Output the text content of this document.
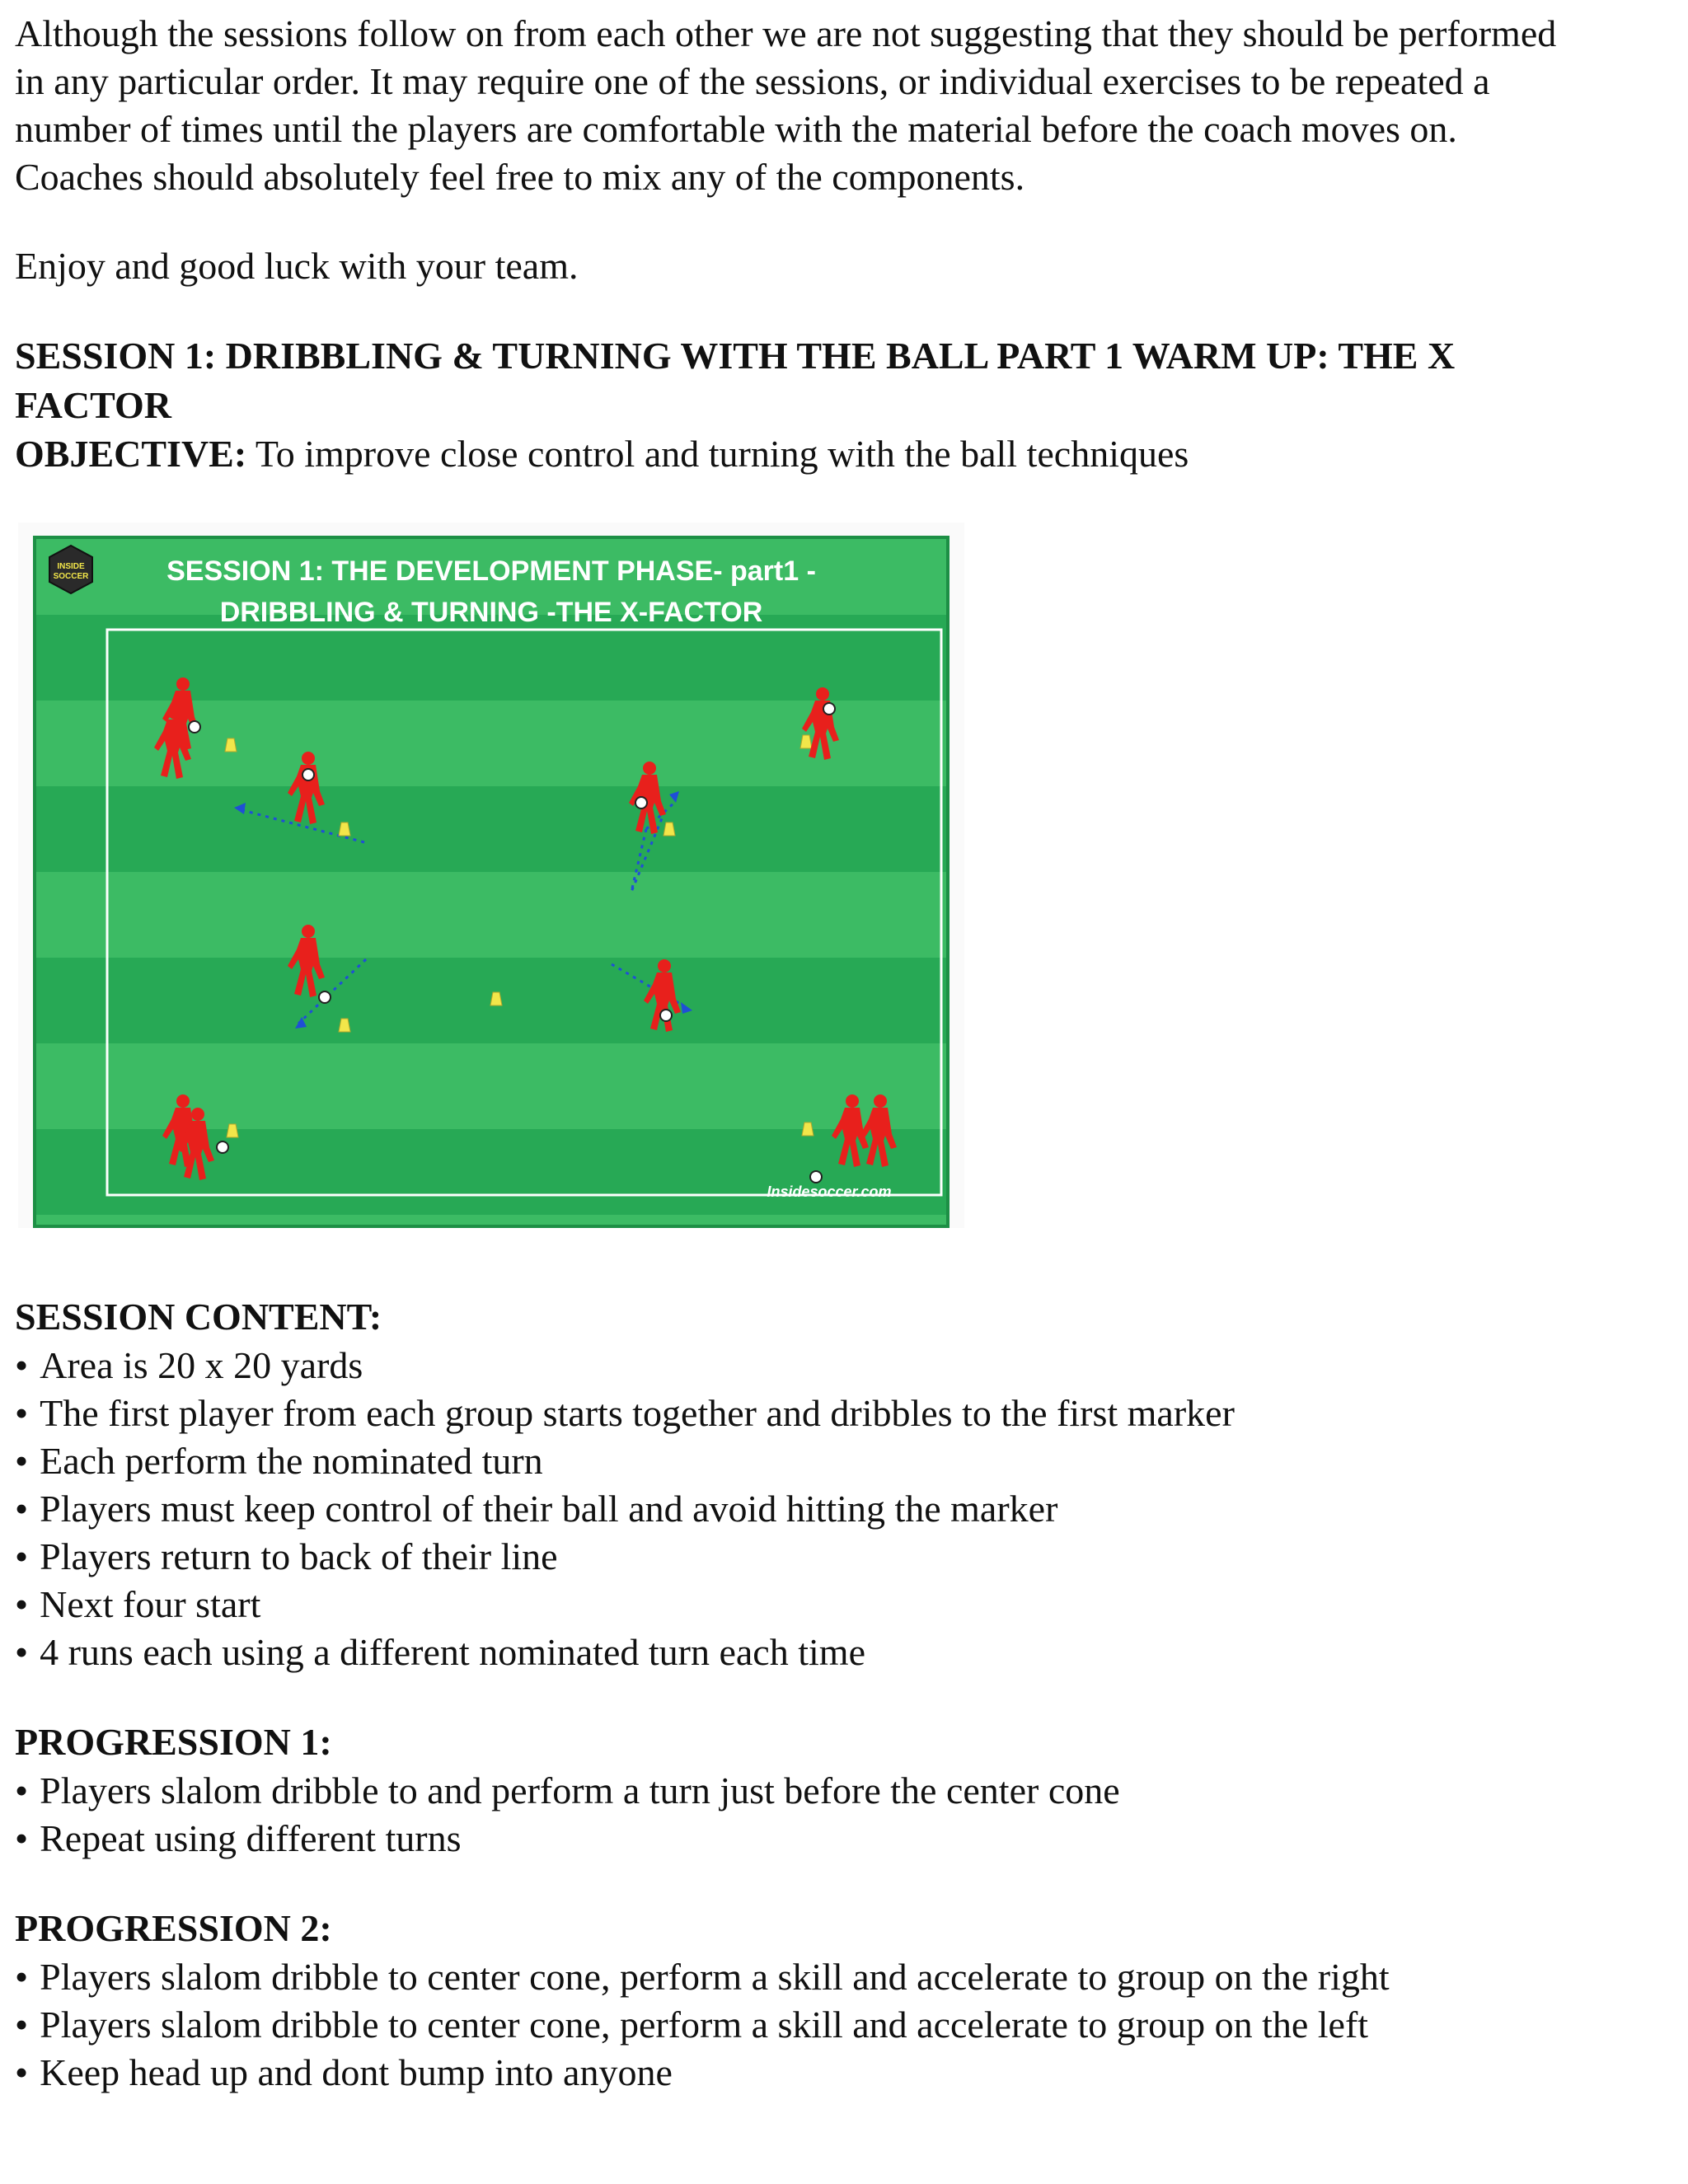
Although the sessions follow on from each other we are not suggesting that they should be performed

in any particular order. It may require one of the sessions, or individual exercises to be repeated a

number of times until the players are comfortable with the material before the coach moves on.

Coaches should absolutely feel free to mix any of the components.

Enjoy and good luck with your team.

SESSION 1: DRIBBLING & TURNING WITH THE BALL PART 1 WARM UP: THE X

FACTOR

OBJECTIVE: To improve close control and turning with the ball techniques

INSIDE
SOCCER	SESSION 1: THE DEVELOPMENT PHASE- part1 -
DRIBBLING & TURNING -THE X-FACTOR
Insidesoccer.com

SESSION CONTENT:

• Area is 20 x 20 yards
• The first player from each group starts together and dribbles to the first marker
• Each perform the nominated turn
• Players must keep control of their ball and avoid hitting the marker
• Players return to back of their line
• Next four start
• 4 runs each using a different nominated turn each time

PROGRESSION 1:

• Players slalom dribble to and perform a turn just before the center cone
• Repeat using different turns

PROGRESSION 2:

• Players slalom dribble to center cone, perform a skill and accelerate to group on the right
• Players slalom dribble to center cone, perform a skill and accelerate to group on the left
• Keep head up and dont bump into anyone
